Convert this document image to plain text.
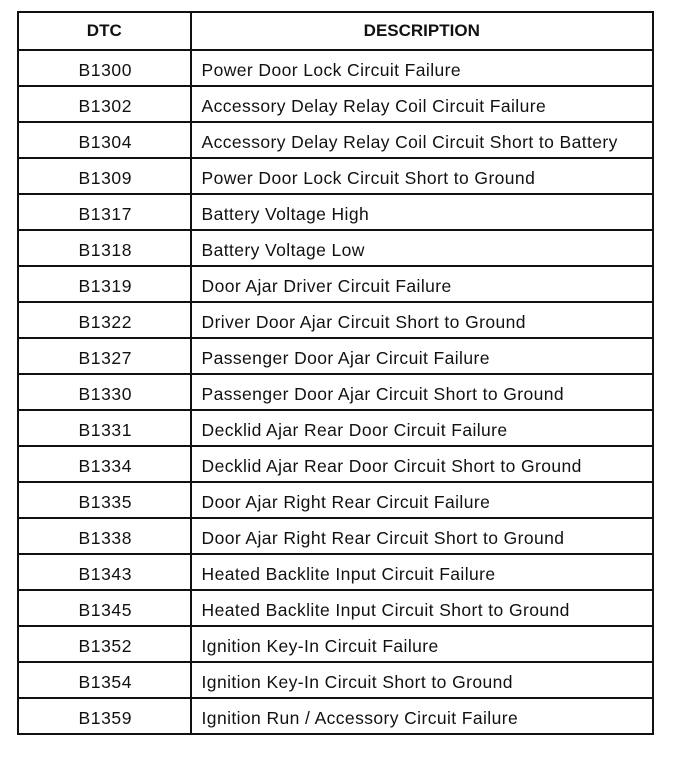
DTC	DESCRIPTION
B1300	Power Door Lock Circuit Failure
B1302	Accessory Delay Relay Coil Circuit Failure
B1304	Accessory Delay Relay Coil Circuit Short to Battery
B1309	Power Door Lock Circuit Short to Ground
B1317	Battery Voltage High
B1318	Battery Voltage Low
B1319	Door Ajar Driver Circuit Failure
B1322	Driver Door Ajar Circuit Short to Ground
B1327	Passenger Door Ajar Circuit Failure
B1330	Passenger Door Ajar Circuit Short to Ground
B1331	Decklid Ajar Rear Door Circuit Failure
B1334	Decklid Ajar Rear Door Circuit Short to Ground
B1335	Door Ajar Right Rear Circuit Failure
B1338	Door Ajar Right Rear Circuit Short to Ground
B1343	Heated Backlite Input Circuit Failure
B1345	Heated Backlite Input Circuit Short to Ground
B1352	Ignition Key-In Circuit Failure
B1354	Ignition Key-In Circuit Short to Ground
B1359	Ignition Run / Accessory Circuit Failure
